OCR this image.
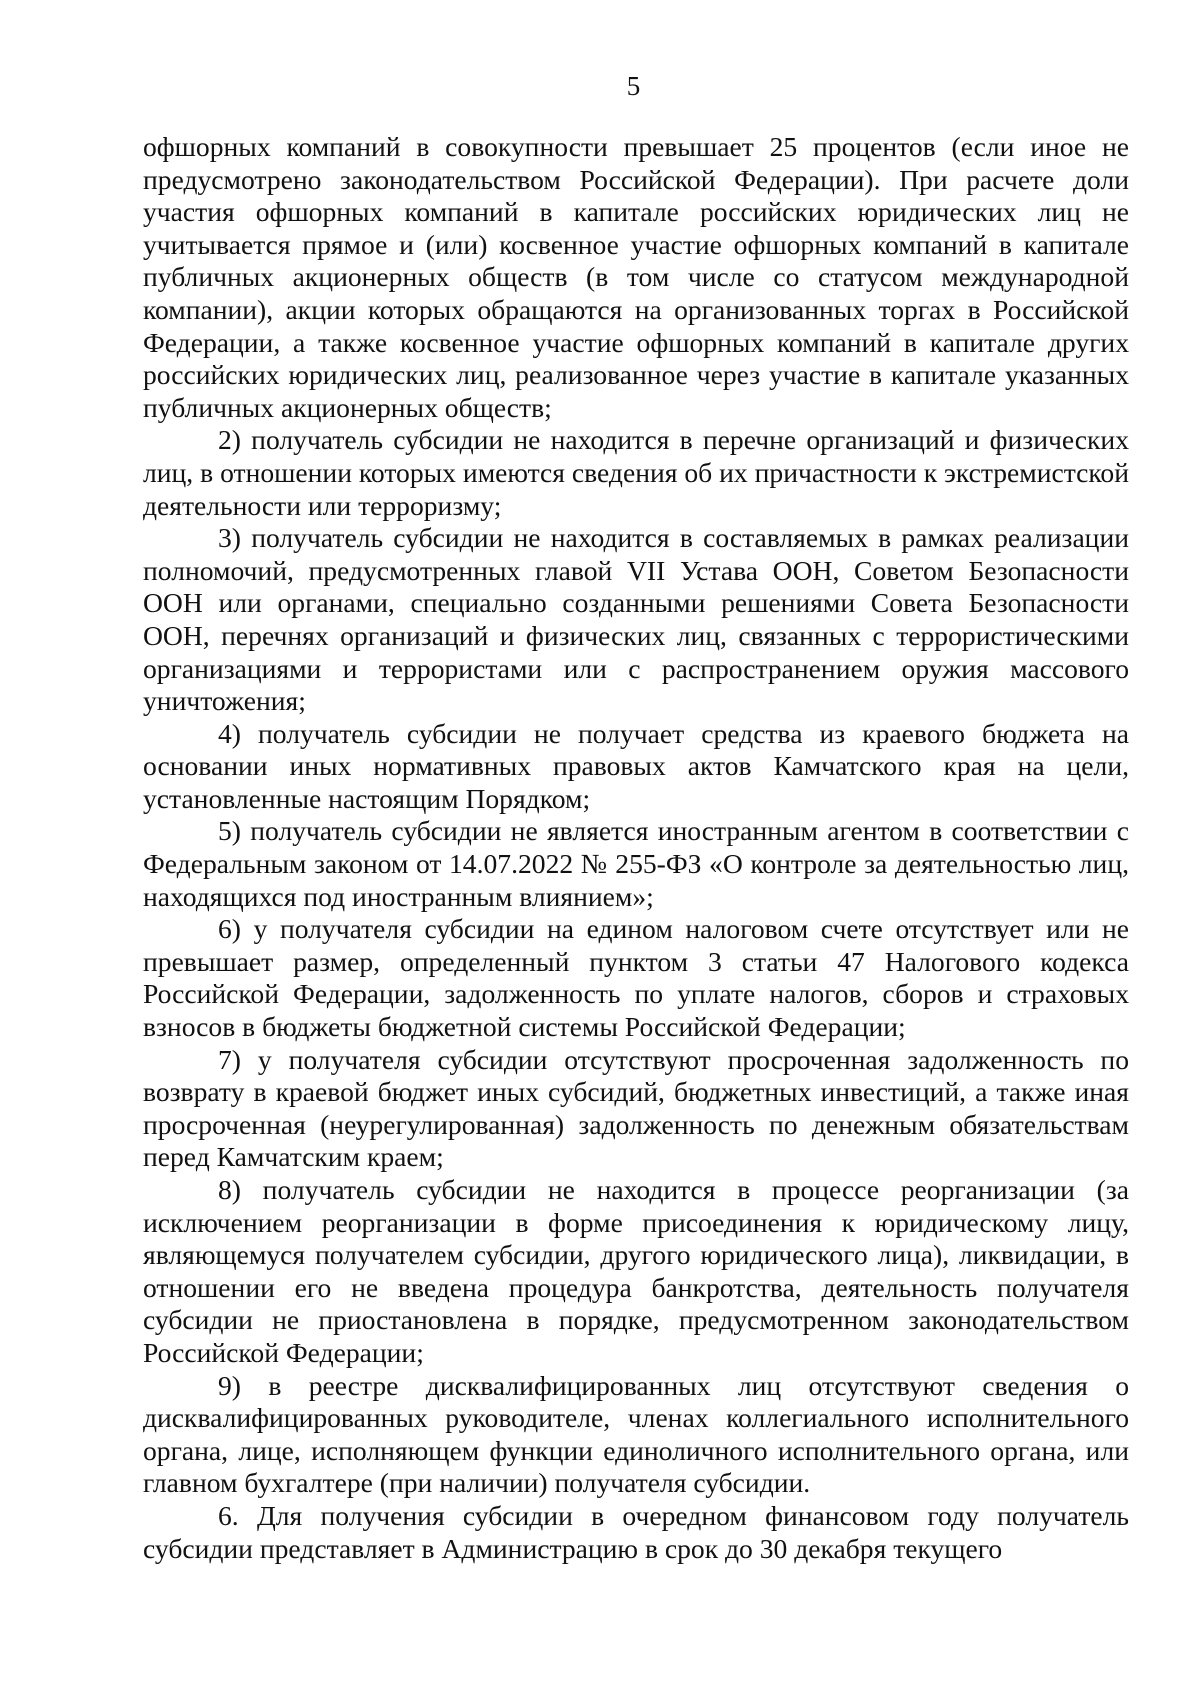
5

офшорных компаний в совокупности превышает 25 процентов (если иное не предусмотрено законодательством Российской Федерации). При расчете доли участия офшорных компаний в капитале российских юридических лиц не учитывается прямое и (или) косвенное участие офшорных компаний в капитале публичных акционерных обществ (в том числе со статусом международной компании), акции которых обращаются на организованных торгах в Российской Федерации, а также косвенное участие офшорных компаний в капитале других российских юридических лиц, реализованное через участие в капитале указанных публичных акционерных обществ;

2) получатель субсидии не находится в перечне организаций и физических лиц, в отношении которых имеются сведения об их причастности к экстремистской деятельности или терроризму;

3) получатель субсидии не находится в составляемых в рамках реализации полномочий, предусмотренных главой VII Устава ООН, Советом Безопасности ООН или органами, специально созданными решениями Совета Безопасности ООН, перечнях организаций и физических лиц, связанных с террористическими организациями и террористами или с распространением оружия массового уничтожения;

4) получатель субсидии не получает средства из краевого бюджета на основании иных нормативных правовых актов Камчатского края на цели, установленные настоящим Порядком;

5) получатель субсидии не является иностранным агентом в соответствии с Федеральным законом от 14.07.2022 № 255-ФЗ «О контроле за деятельностью лиц, находящихся под иностранным влиянием»;

6) у получателя субсидии на едином налоговом счете отсутствует или не превышает размер, определенный пунктом 3 статьи 47 Налогового кодекса Российской Федерации, задолженность по уплате налогов, сборов и страховых взносов в бюджеты бюджетной системы Российской Федерации;

7) у получателя субсидии отсутствуют просроченная задолженность по возврату в краевой бюджет иных субсидий, бюджетных инвестиций, а также иная просроченная (неурегулированная) задолженность по денежным обязательствам перед Камчатским краем;

8) получатель субсидии не находится в процессе реорганизации (за исключением реорганизации в форме присоединения к юридическому лицу, являющемуся получателем субсидии, другого юридического лица), ликвидации, в отношении его не введена процедура банкротства, деятельность получателя субсидии не приостановлена в порядке, предусмотренном законодательством Российской Федерации;

9) в реестре дисквалифицированных лиц отсутствуют сведения о дисквалифицированных руководителе, членах коллегиального исполнительного органа, лице, исполняющем функции единоличного исполнительного органа, или главном бухгалтере (при наличии) получателя субсидии.

6. Для получения субсидии в очередном финансовом году получатель субсидии представляет в Администрацию в срок до 30 декабря текущего
